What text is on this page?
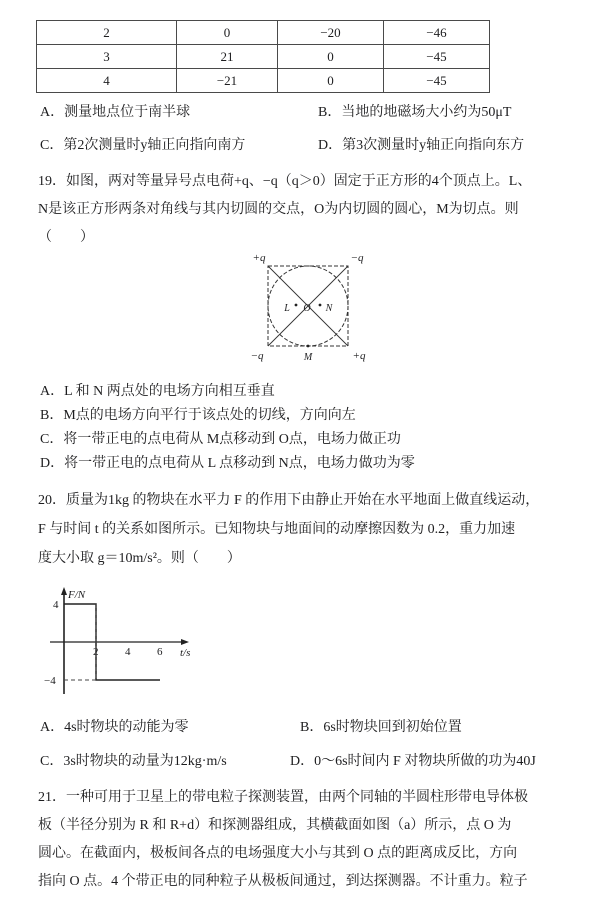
2	0	−20	−46
3	21	0	−45
4	−21	0	−45
A．测量地点位于南半球	B．当地的地磁场大小约为50μT
C．第2次测量时y轴正向指向南方	D．第3次测量时y轴正向指向东方
19．如图，两对等量异号点电荷+q、−q（q＞0）固定于正方形的4个顶点上。L、
N是该正方形两条对角线与其内切圆的交点，O为内切圆的圆心，M为切点。则
（　　）
+q	−q
−q	+q
L O N
M
A．L 和 N 两点处的电场方向相互垂直
B．M点的电场方向平行于该点处的切线，方向向左
C．将一带正电的点电荷从 M点移动到 O点，电场力做正功
D．将一带正电的点电荷从 L 点移动到 N点，电场力做功为零
20．质量为1kg 的物块在水平力 F 的作用下由静止开始在水平地面上做直线运动，
F 与时间 t 的关系如图所示。已知物块与地面间的动摩擦因数为 0.2，重力加速
度大小取 g＝10m/s²。则（　　）
F/N
t/s
4
−4
2 4 6
A．4s时物块的动能为零	B．6s时物块回到初始位置
C．3s时物块的动量为12kg·m/s	D．0～6s时间内 F 对物块所做的功为40J
21．一种可用于卫星上的带电粒子探测装置，由两个同轴的半圆柱形带电导体极
板（半径分别为 R 和 R+d）和探测器组成，其横截面如图（a）所示，点 O 为
圆心。在截面内，极板间各点的电场强度大小与其到 O 点的距离成反比，方向
指向 O 点。4 个带正电的同种粒子从极板间通过，到达探测器。不计重力。粒子
